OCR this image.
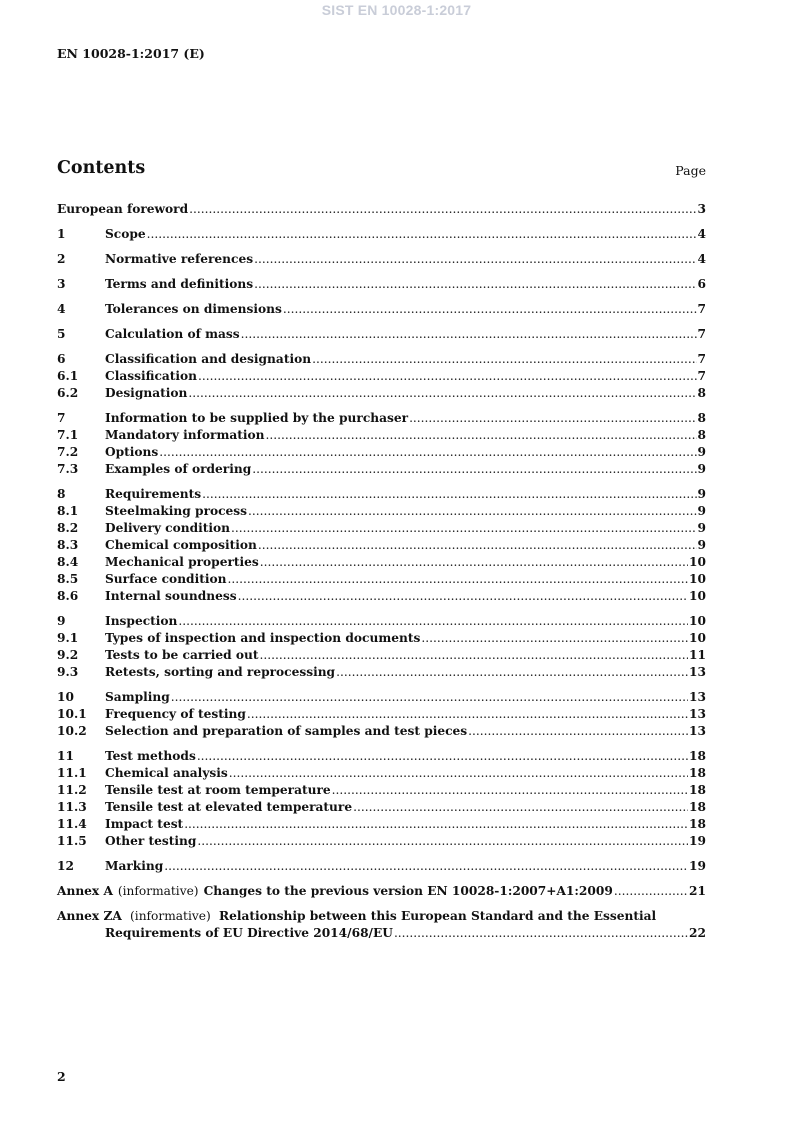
SIST EN 10028-1:2017
EN 10028-1:2017 (E)
Contents	Page
European foreword .....	3
1	Scope .....	4
2	Normative references .....	4
3	Terms and definitions .....	6
4	Tolerances on dimensions .....	7
5	Calculation of mass .....	7
6	Classification and designation .....	7
6.1	Classification .....	7
6.2	Designation .....	8
7	Information to be supplied by the purchaser .....	8
7.1	Mandatory information .....	8
7.2	Options .....	9
7.3	Examples of ordering .....	9
8	Requirements .....	9
8.1	Steelmaking process .....	9
8.2	Delivery condition .....	9
8.3	Chemical composition .....	9
8.4	Mechanical properties .....	10
8.5	Surface condition .....	10
8.6	Internal soundness .....	10
9	Inspection .....	10
9.1	Types of inspection and inspection documents .....	10
9.2	Tests to be carried out .....	11
9.3	Retests, sorting and reprocessing .....	13
10	Sampling .....	13
10.1	Frequency of testing .....	13
10.2	Selection and preparation of samples and test pieces .....	13
11	Test methods .....	18
11.1	Chemical analysis .....	18
11.2	Tensile test at room temperature .....	18
11.3	Tensile test at elevated temperature .....	18
11.4	Impact test .....	18
11.5	Other testing .....	19
12	Marking .....	19
Annex A (informative) Changes to the previous version EN 10028-1:2007+A1:2009 .....	21
Annex ZA (informative) Relationship between this European Standard and the Essential
Requirements of EU Directive 2014/68/EU .....	22
2
